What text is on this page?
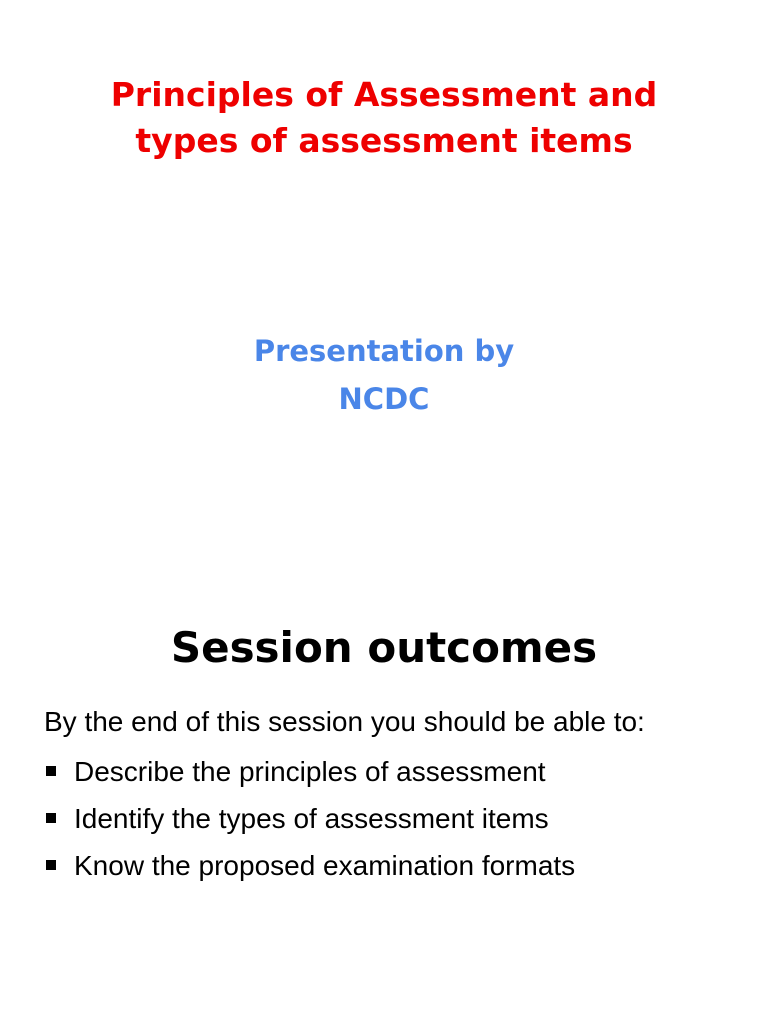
Principles of Assessment and
types of assessment items
Presentation by
NCDC
Session outcomes
By the end of this session you should be able to:
Describe the principles of assessment
Identify the types of assessment items
Know the proposed examination formats
